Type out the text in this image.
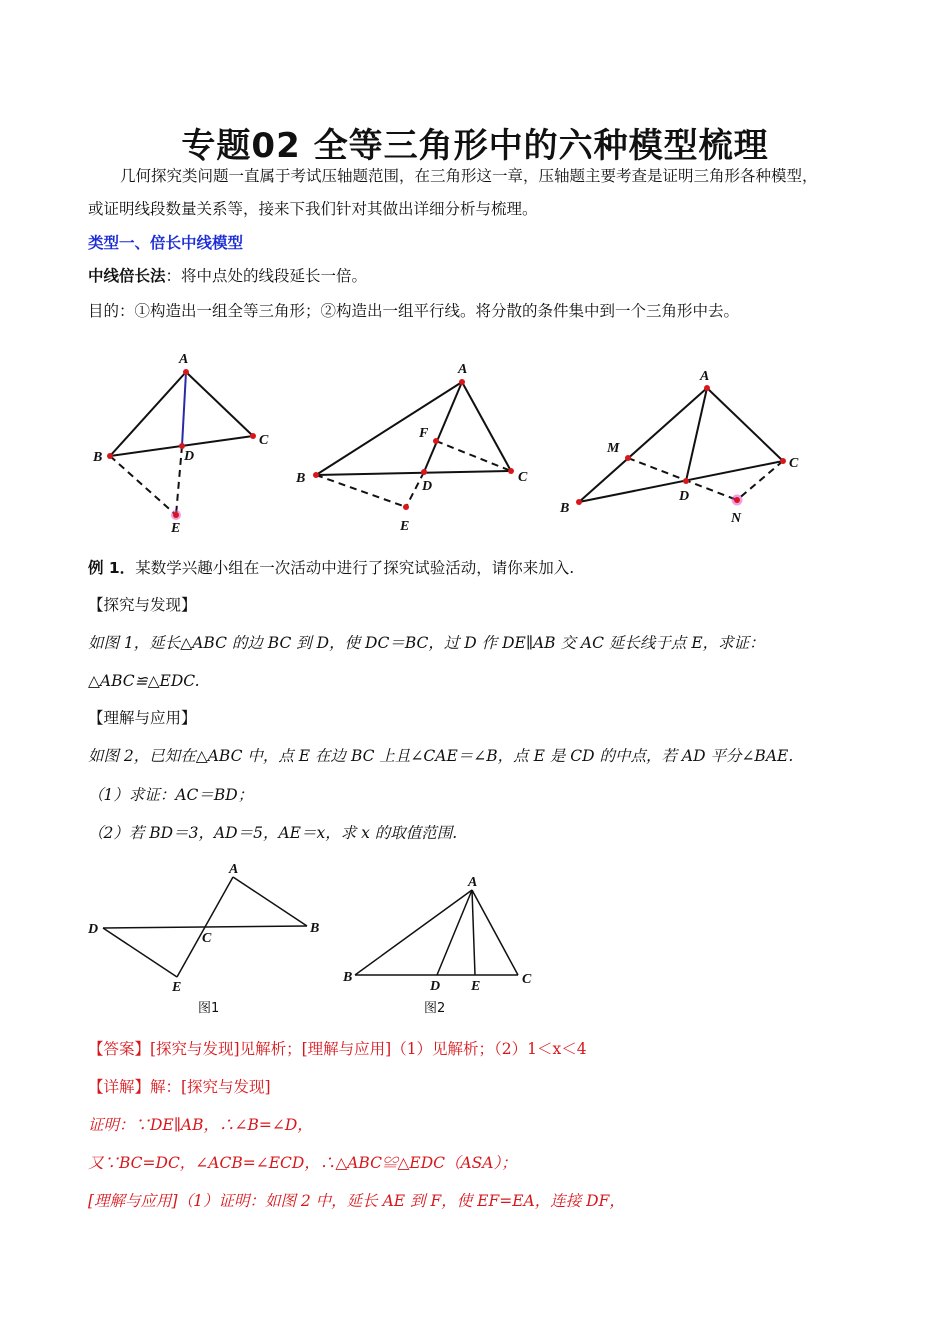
专题02 全等三角形中的六种模型梳理
几何探究类问题一直属于考试压轴题范围，在三角形这一章，压轴题主要考查是证明三角形各种模型，
或证明线段数量关系等，接来下我们针对其做出详细分析与梳理。
类型一、倍长中线模型
中线倍长法：将中点处的线段延长一倍。
目的：①构造出一组全等三角形；②构造出一组平行线。将分散的条件集中到一个三角形中去。
A
B
C
D
E
A
B	C
D
F
E
A
B
C
D
M
N
例 1．某数学兴趣小组在一次活动中进行了探究试验活动，请你来加入.
【探究与发现】
如图 1，延长△ABC 的边 BC 到 D，使 DC＝BC，过 D 作 DE∥AB 交 AC 延长线于点 E，求证：
△ABC≌△EDC.
【理解与应用】
如图 2，已知在△ABC 中，点 E 在边 BC 上且∠CAE＝∠B，点 E 是 CD 的中点，若 AD 平分∠BAE.
（1）求证：AC＝BD；
（2）若 BD＝3，AD＝5，AE＝x，求 x 的取值范围.
A
D	B
C
E
图1
A
B	C
D E
图2
【答案】[探究与发现]见解析；[理解与应用]（1）见解析；（2）1＜x＜4
【详解】解：[探究与发现]
证明：∵DE∥AB，∴∠B=∠D，
又∵BC=DC，∠ACB=∠ECD，∴△ABC≌△EDC（ASA）；
[理解与应用]（1）证明：如图 2 中，延长 AE 到 F，使 EF=EA，连接 DF，
